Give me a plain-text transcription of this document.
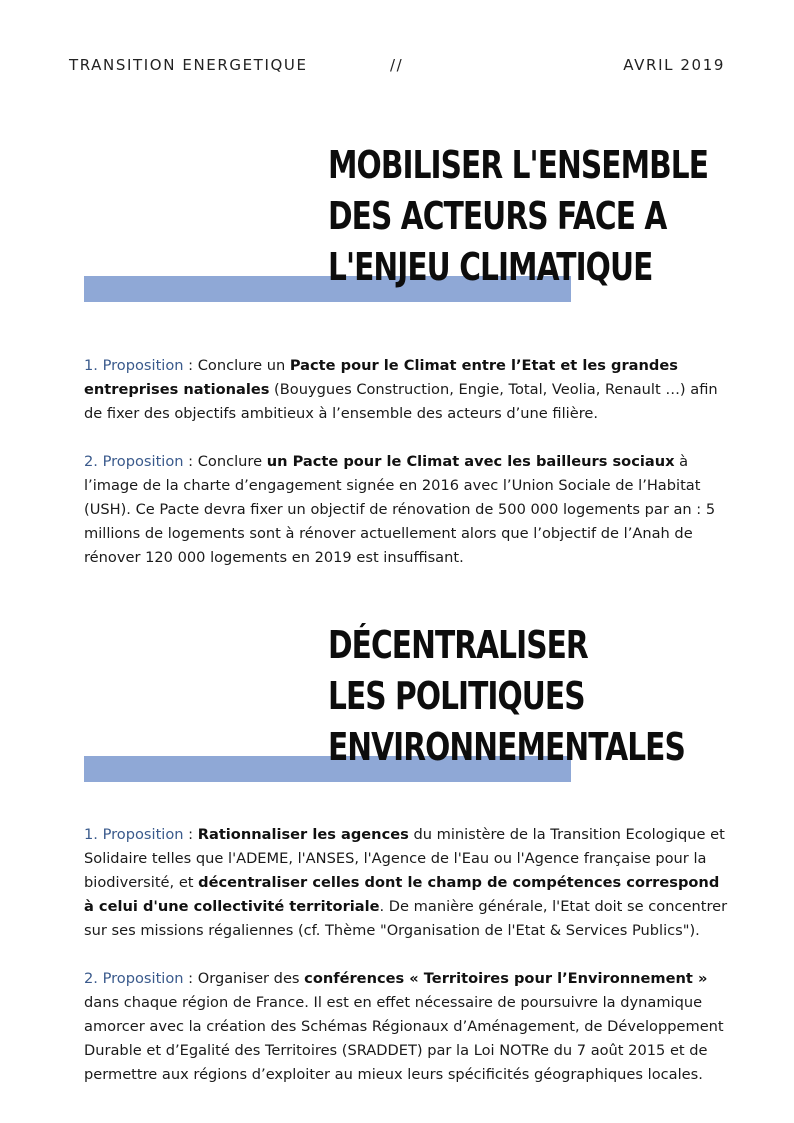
TRANSITION ENERGETIQUE	//	AVRIL 2019
MOBILISER L'ENSEMBLE
DES ACTEURS FACE A
L'ENJEU CLIMATIQUE

1. Proposition : Conclure un Pacte pour le Climat entre l’Etat et les grandes entreprises nationales (Bouygues Construction, Engie, Total, Veolia, Renault …) afin de fixer des objectifs ambitieux à l’ensemble des acteurs d’une filière.

2. Proposition : Conclure un Pacte pour le Climat avec les bailleurs sociaux à l’image de la charte d’engagement signée en 2016 avec l’Union Sociale de l’Habitat (USH). Ce Pacte devra fixer un objectif de rénovation de 500 000 logements par an : 5 millions de logements sont à rénover actuellement alors que l’objectif de l’Anah de rénover 120 000 logements en 2019 est insuffisant.

DÉCENTRALISER
LES POLITIQUES
ENVIRONNEMENTALES

1. Proposition : Rationnaliser les agences du ministère de la Transition Ecologique et Solidaire telles que l'ADEME, l'ANSES, l'Agence de l'Eau ou l'Agence française pour la biodiversité, et décentraliser celles dont le champ de compétences correspond à celui d'une collectivité territoriale. De manière générale, l'Etat doit se concentrer sur ses missions régaliennes (cf. Thème "Organisation de l'Etat & Services Publics").

2. Proposition : Organiser des conférences « Territoires pour l’Environnement » dans chaque région de France. Il est en effet nécessaire de poursuivre la dynamique amorcer avec la création des Schémas Régionaux d’Aménagement, de Développement Durable et d’Egalité des Territoires (SRADDET) par la Loi NOTRe du 7 août 2015 et de permettre aux régions d’exploiter au mieux leurs spécificités géographiques locales.
